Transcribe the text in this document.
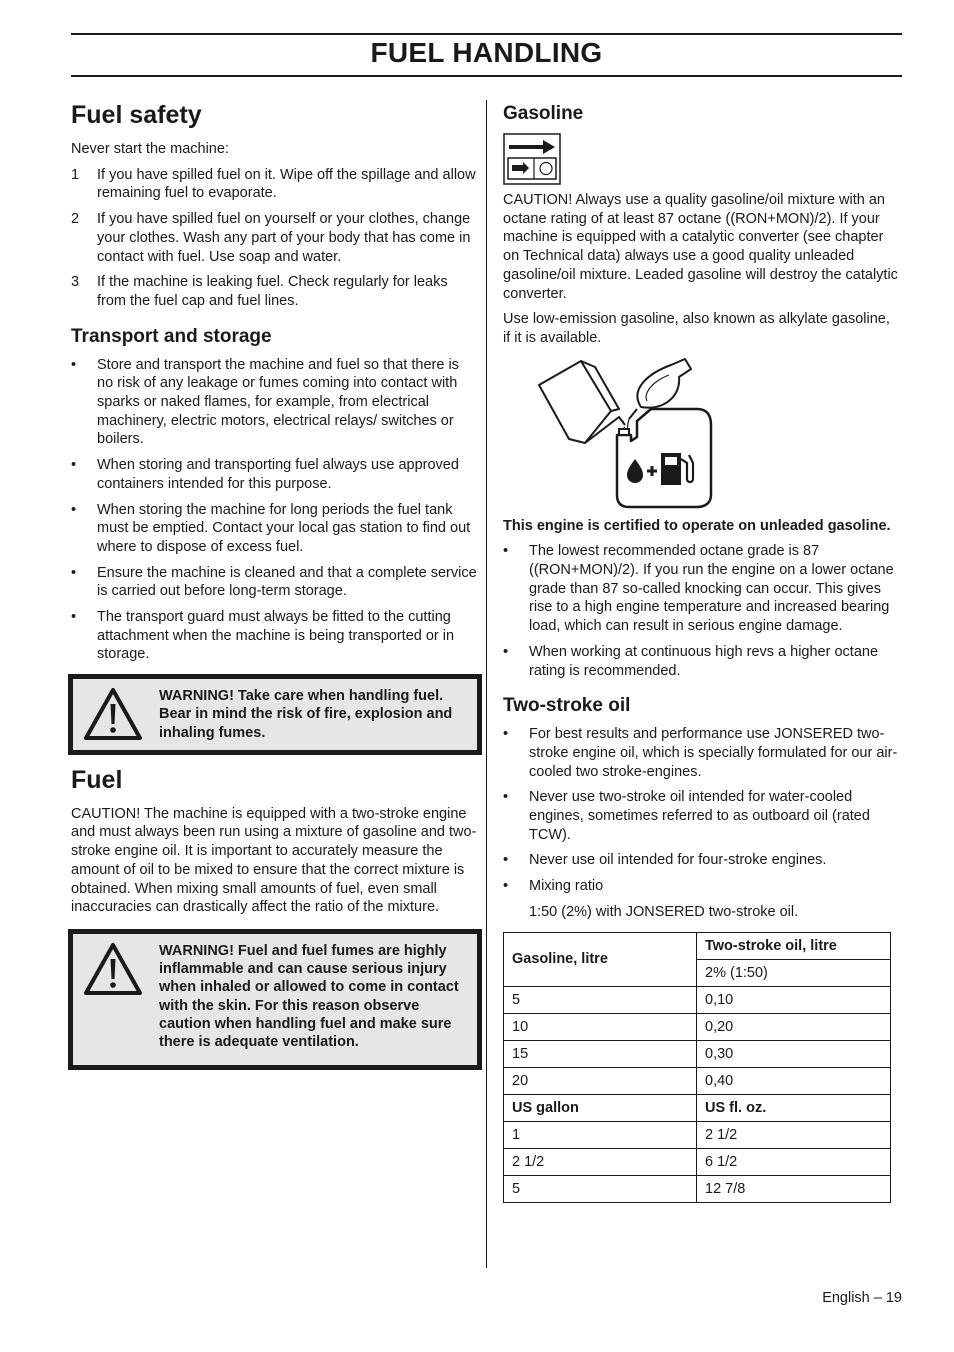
FUEL HANDLING
Fuel safety

Never start the machine:

1 If you have spilled fuel on it. Wipe off the spillage and allow remaining fuel to evaporate.
2 If you have spilled fuel on yourself or your clothes, change your clothes. Wash any part of your body that has come in contact with fuel. Use soap and water.
3 If the machine is leaking fuel. Check regularly for leaks from the fuel cap and fuel lines.
Transport and storage
• Store and transport the machine and fuel so that there is no risk of any leakage or fumes coming into contact with sparks or naked flames, for example, from electrical machinery, electric motors, electrical relays/ switches or boilers.
• When storing and transporting fuel always use approved containers intended for this purpose.
• When storing the machine for long periods the fuel tank must be emptied. Contact your local gas station to find out where to dispose of excess fuel.
• Ensure the machine is cleaned and that a complete service is carried out before long-term storage.
• The transport guard must always be fitted to the cutting attachment when the machine is being transported or in storage.

WARNING! Take care when handling fuel. Bear in mind the risk of fire, explosion and inhaling fumes.

Fuel

CAUTION! The machine is equipped with a two-stroke engine and must always been run using a mixture of gasoline and two-stroke engine oil. It is important to accurately measure the amount of oil to be mixed to ensure that the correct mixture is obtained. When mixing small amounts of fuel, even small inaccuracies can drastically affect the ratio of the mixture.

WARNING! Fuel and fuel fumes are highly inflammable and can cause serious injury when inhaled or allowed to come in contact with the skin. For this reason observe caution when handling fuel and make sure there is adequate ventilation.

Gasoline

CAUTION! Always use a quality gasoline/oil mixture with an octane rating of at least 87 octane ((RON+MON)/2). If your machine is equipped with a catalytic converter (see chapter on Technical data) always use a good quality unleaded gasoline/oil mixture. Leaded gasoline will destroy the catalytic converter.

Use low-emission gasoline, also known as alkylate gasoline, if it is available.

This engine is certified to operate on unleaded gasoline.

• The lowest recommended octane grade is 87 ((RON+MON)/2). If you run the engine on a lower octane grade than 87 so-called knocking can occur. This gives rise to a high engine temperature and increased bearing load, which can result in serious engine damage.
• When working at continuous high revs a higher octane rating is recommended.
Two-stroke oil
• For best results and performance use JONSERED two-stroke engine oil, which is specially formulated for our air-cooled two stroke-engines.
• Never use two-stroke oil intended for water-cooled engines, sometimes referred to as outboard oil (rated TCW).
• Never use oil intended for four-stroke engines.
• Mixing ratio

1:50 (2%) with JONSERED two-stroke oil.

Gasoline, litre	Two-stroke oil, litre
	2% (1:50)
5	0,10
10	0,20
15	0,30
20	0,40
US gallon	US fl. oz.
1	2 1/2
2 1/2	6 1/2
5	12 7/8
English – 19
